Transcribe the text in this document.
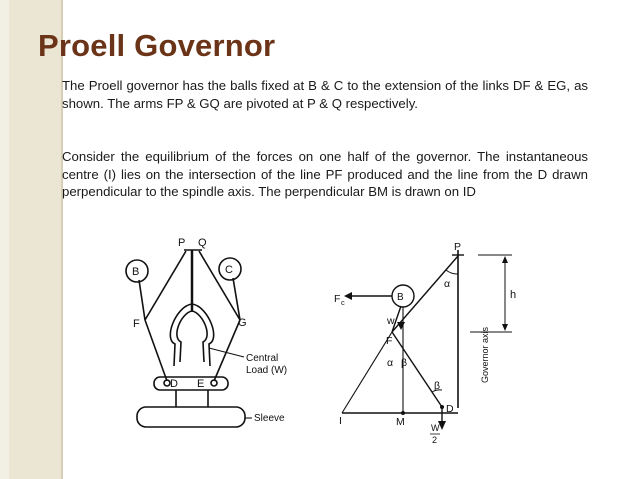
Proell Governor

The Proell governor has the balls fixed at B & C to the extension of the links DF & EG, as shown. The arms FP & GQ are pivoted at P & Q respectively.

Consider the equilibrium of the forces on one half of the governor. The instantaneous centre (I) lies on the intersection of the line PF produced and the line from the D drawn perpendicular to the spindle axis. The perpendicular BM is drawn on ID

P Q
B	C
F	G
D E
Central
Load (W)
Sleeve
P
B
F c
w
F
α
α β
β
h
I	M
D
W
2
Governor axis
